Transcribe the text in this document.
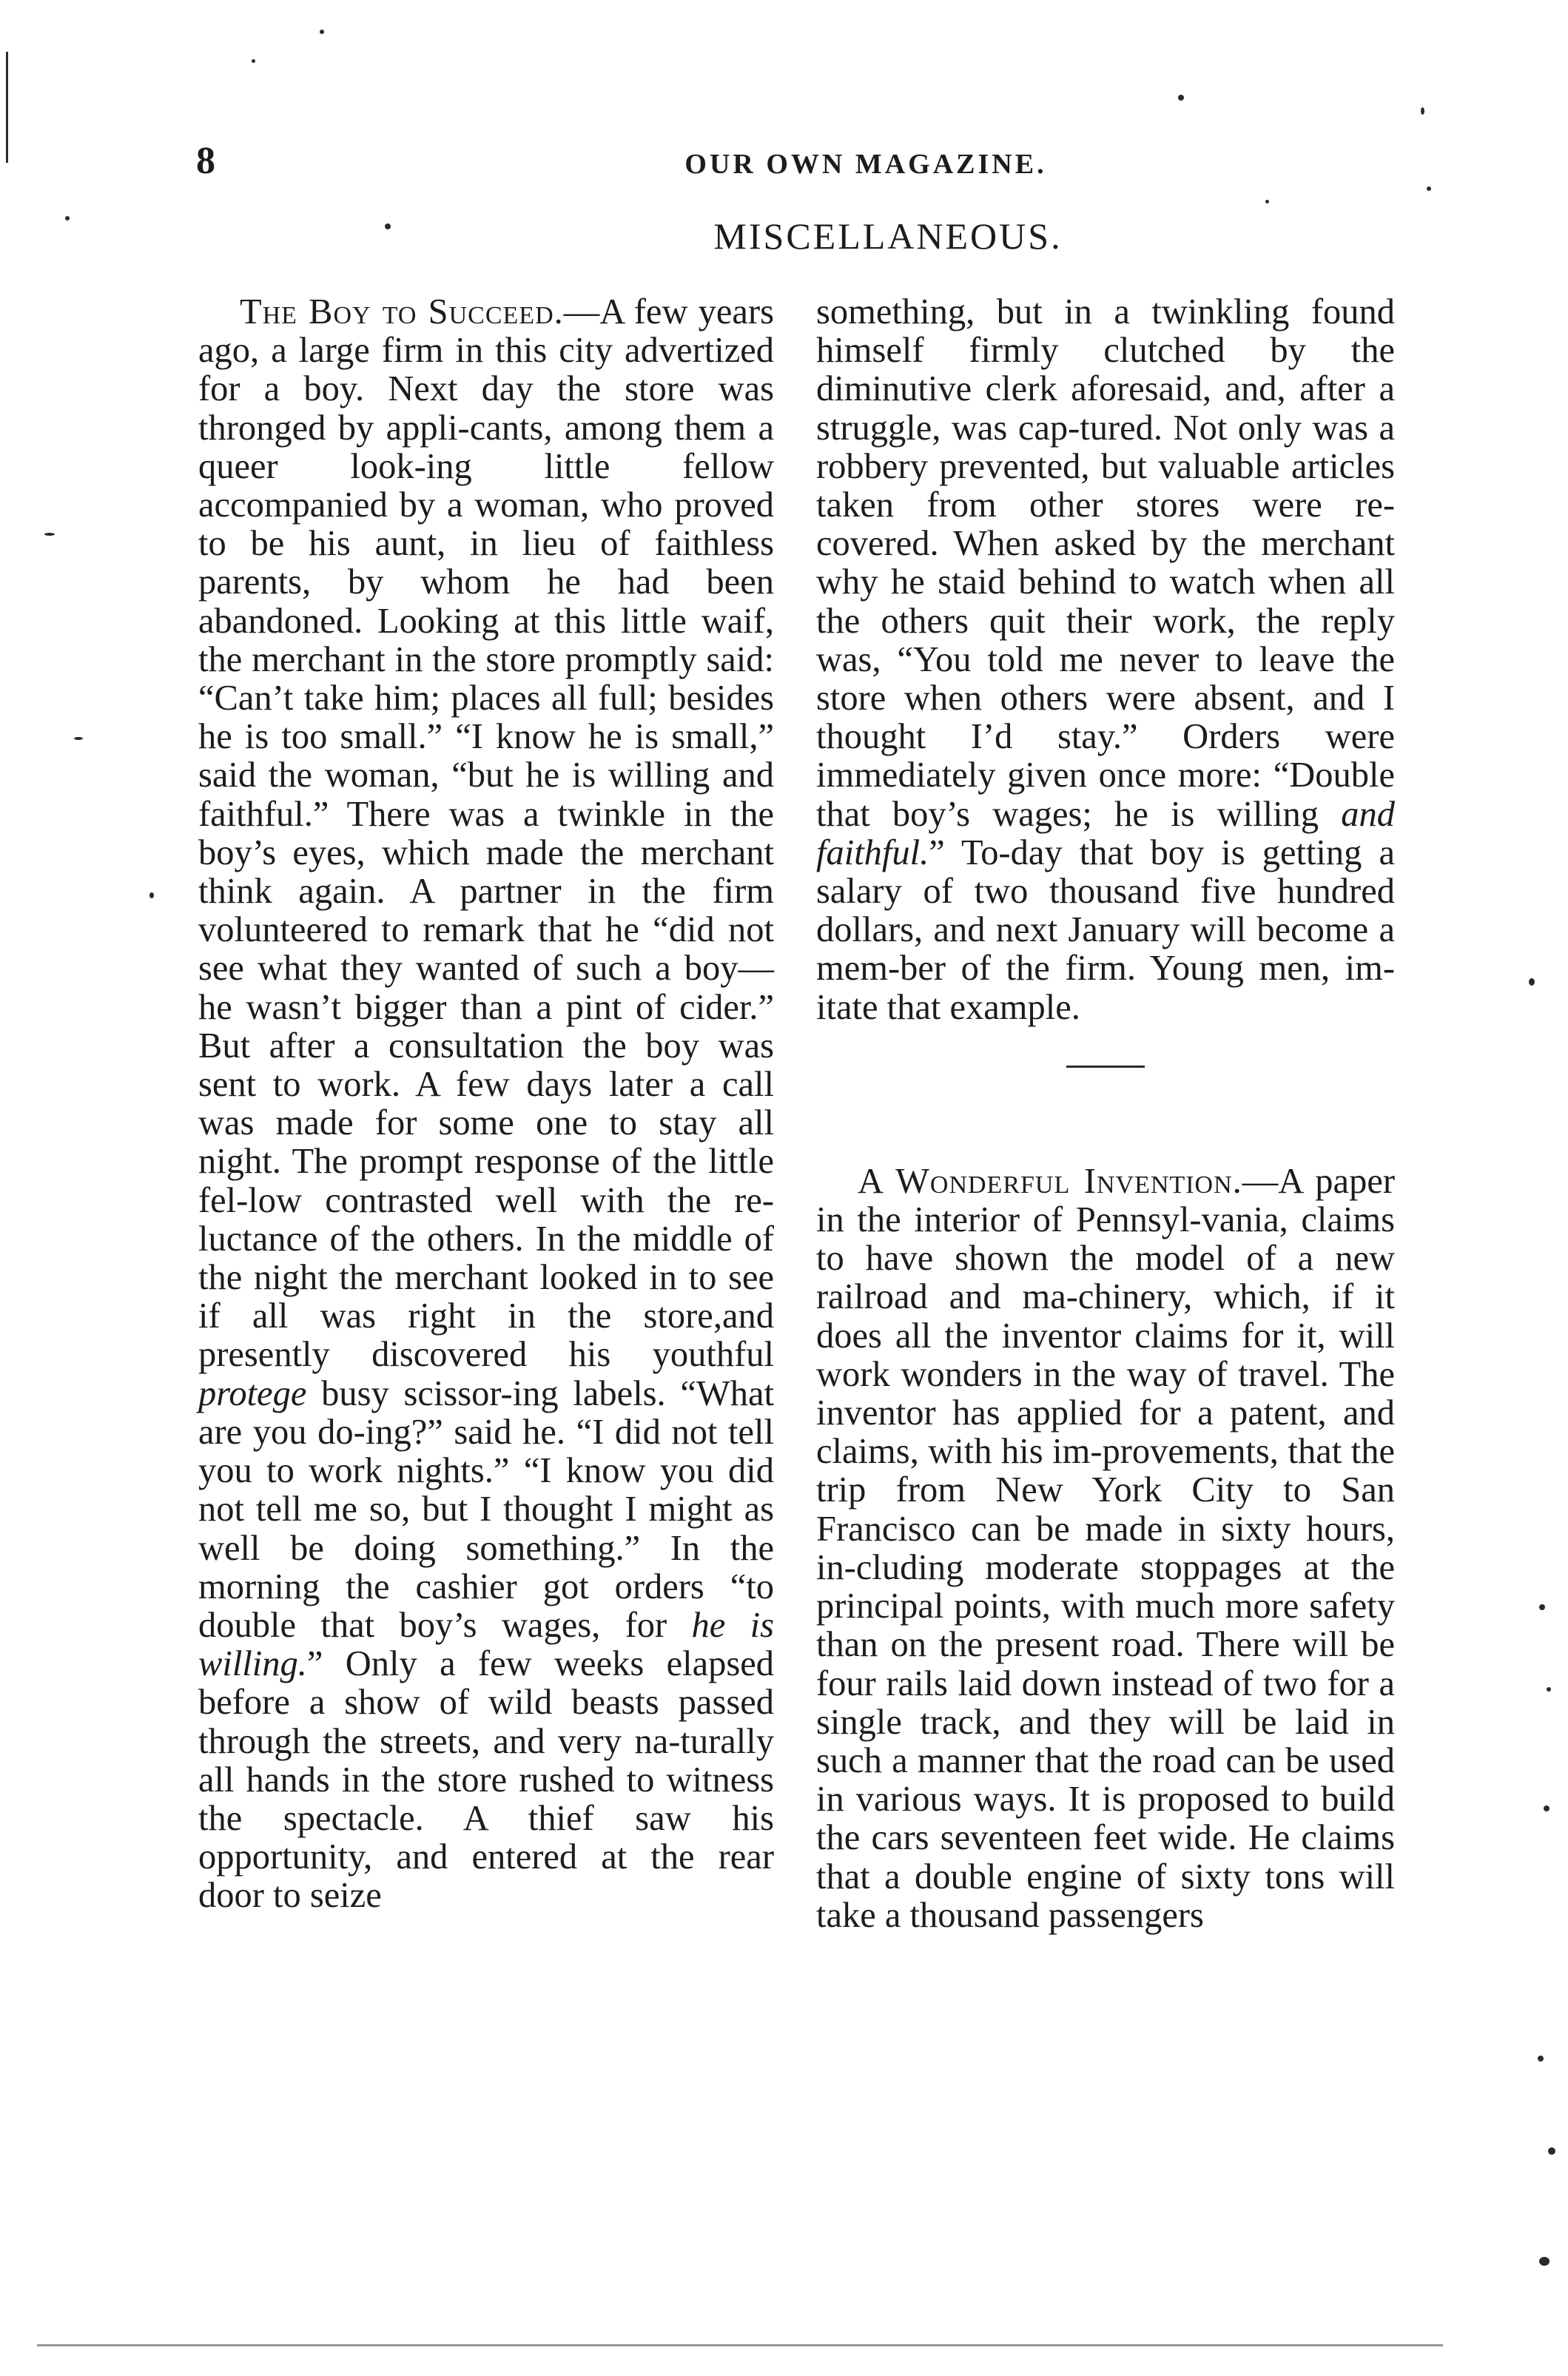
8	OUR OWN MAGAZINE.
MISCELLANEOUS.

The Boy to Succeed.—A few years ago, a large firm in this city advertized for a boy. Next day the store was thronged by appli-cants, among them a queer look-ing little fellow accompanied by a woman, who proved to be his aunt, in lieu of faithless parents, by whom he had been abandoned. Looking at this little waif, the merchant in the store promptly said: “Can’t take him; places all full; besides he is too small.” “I know he is small,” said the woman, “but he is willing and faithful.” There was a twinkle in the boy’s eyes, which made the merchant think again. A partner in the firm volunteered to remark that he “did not see what they wanted of such a boy—he wasn’t bigger than a pint of cider.” But after a consultation the boy was sent to work. A few days later a call was made for some one to stay all night. The prompt response of the little fel-low contrasted well with the re-luctance of the others. In the middle of the night the merchant looked in to see if all was right in the store,and presently discovered his youthful protege busy scissor-ing labels. “What are you do-ing?” said he. “I did not tell you to work nights.” “I know you did not tell me so, but I thought I might as well be doing something.” In the morning the cashier got orders “to double that boy’s wages, for he is willing.” Only a few weeks elapsed before a show of wild beasts passed through the streets, and very na-turally all hands in the store rushed to witness the spectacle. A thief saw his opportunity, and entered at the rear door to seize

something, but in a twinkling found himself firmly clutched by the diminutive clerk aforesaid, and, after a struggle, was cap-tured. Not only was a robbery prevented, but valuable articles taken from other stores were re-covered. When asked by the merchant why he staid behind to watch when all the others quit their work, the reply was, “You told me never to leave the store when others were absent, and I thought I’d stay.” Orders were immediately given once more: “Double that boy’s wages; he is willing and faithful.” To-day that boy is getting a salary of two thousand five hundred dollars, and next January will become a mem-ber of the firm. Young men, im-itate that example.

A Wonderful Invention.—A paper in the interior of Pennsyl-vania, claims to have shown the model of a new railroad and ma-chinery, which, if it does all the inventor claims for it, will work wonders in the way of travel. The inventor has applied for a patent, and claims, with his im-provements, that the trip from New York City to San Francisco can be made in sixty hours, in-cluding moderate stoppages at the principal points, with much more safety than on the present road. There will be four rails laid down instead of two for a single track, and they will be laid in such a manner that the road can be used in various ways. It is proposed to build the cars seventeen feet wide. He claims that a double engine of sixty tons will take a thousand passengers
